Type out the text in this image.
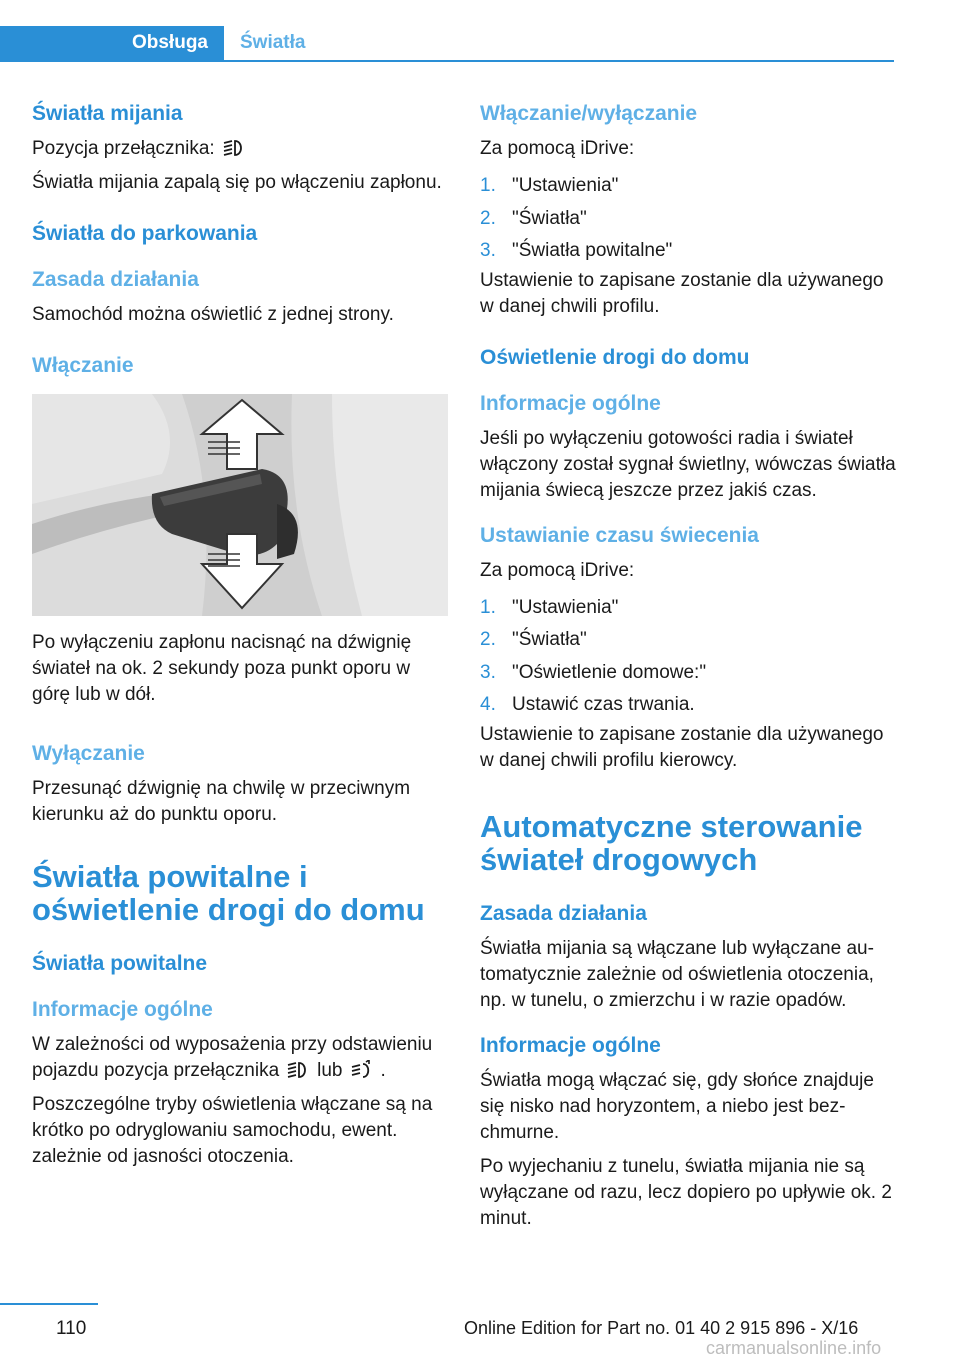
Obsługa	Światła
Światła mijania
Pozycja przełącznika:
Światła mijania zapalą się po włączeniu zapłonu.
Światła do parkowania
Zasada działania
Samochód można oświetlić z jednej strony.
Włączanie
Po wyłączeniu zapłonu nacisnąć na dźwignię świateł na ok. 2 sekundy poza punkt oporu w górę lub w dół.
Wyłączanie
Przesunąć dźwignię na chwilę w przeciwnym kierunku aż do punktu oporu.
Światła powitalne i oświetlenie drogi do domu
Światła powitalne
Informacje ogólne
W zależności od wyposażenia przy odstawieniu pojazdu pozycja przełącznika lub .
Poszczególne tryby oświetlenia włączane są na krótko po odryglowaniu samochodu, ewent. zależnie od jasności otoczenia.
Włączanie/wyłączanie
Za pomocą iDrive:
1. "Ustawienia"
2. "Światła"
3. "Światła powitalne"
Ustawienie to zapisane zostanie dla używanego w danej chwili profilu.
Oświetlenie drogi do domu
Informacje ogólne
Jeśli po wyłączeniu gotowości radia i świateł włączony został sygnał świetlny, wówczas światła mijania świecą jeszcze przez jakiś czas.
Ustawianie czasu świecenia
Za pomocą iDrive:
1. "Ustawienia"
2. "Światła"
3. "Oświetlenie domowe:"
4. Ustawić czas trwania.
Ustawienie to zapisane zostanie dla używanego w danej chwili profilu kierowcy.
Automatyczne sterowanie świateł drogowych
Zasada działania
Światła mijania są włączane lub wyłączane automatycznie zależnie od oświetlenia otoczenia, np. w tunelu, o zmierzchu i w razie opadów.
Informacje ogólne
Światła mogą włączać się, gdy słońce znajduje się nisko nad horyzontem, a niebo jest bezchmurne.
Po wyjechaniu z tunelu, światła mijania nie są wyłączane od razu, lecz dopiero po upływie ok. 2 minut.
110	Online Edition for Part no. 01 40 2 915 896 - X/16
carmanualsonline.info
